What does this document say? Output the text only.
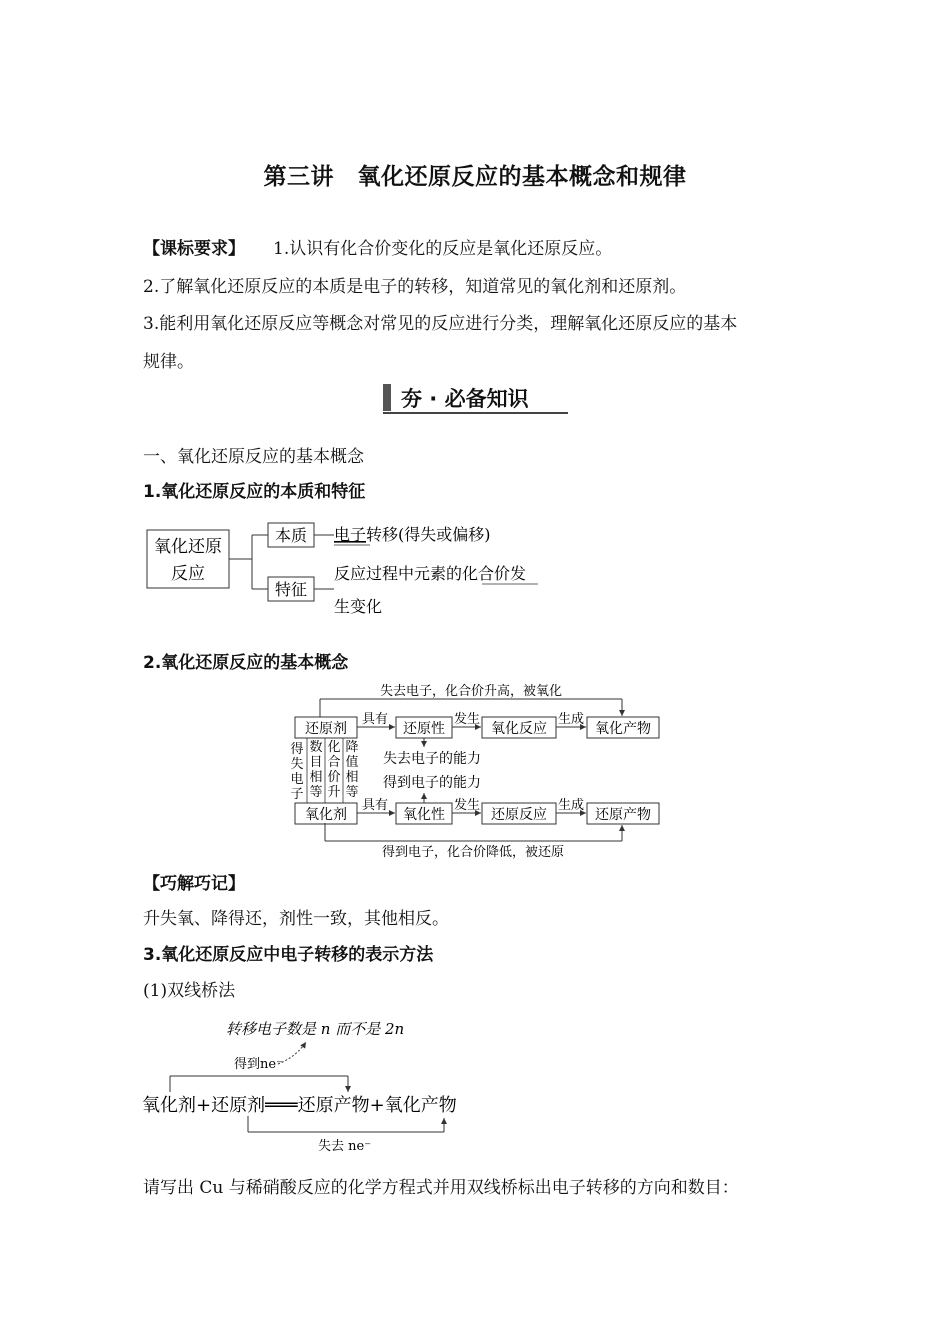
第三讲　氧化还原反应的基本概念和规律
【课标要求】 1.认识有化合价变化的反应是氧化还原反应。
2.了解氧化还原反应的本质是电子的转移，知道常见的氧化剂和还原剂。
3.能利用氧化还原反应等概念对常见的反应进行分类，理解氧化还原反应的基本
规律。
夯 · 必备知识
一、氧化还原反应的基本概念
1.氧化还原反应的本质和特征
氧化还原
反应
本质 电子转移(得失或偏移)
特征
反应过程中元素的化合价发
生变化
2.氧化还原反应的基本概念
失去电子，化合价升高，被氧化
得到电子，化合价降低，被还原
还原剂
具有
还原性
发生
氧化反应
生成
氧化产物
氧化剂
具有
氧化性
发生
还原反应
生成
还原产物
失去电子的能力
得到电子的能力
得
失
电
子
数
目
相
等
化
合
价
升
降
值
相
等
【巧解巧记】
升失氧、降得还，剂性一致，其他相反。
3.氧化还原反应中电子转移的表示方法
(1)双线桥法
转移电子数是 n 而不是 2n
得到ne⁻
氧化剂+还原剂═══还原产物+氧化产物
失去 ne⁻
请写出 Cu 与稀硝酸反应的化学方程式并用双线桥标出电子转移的方向和数目：
